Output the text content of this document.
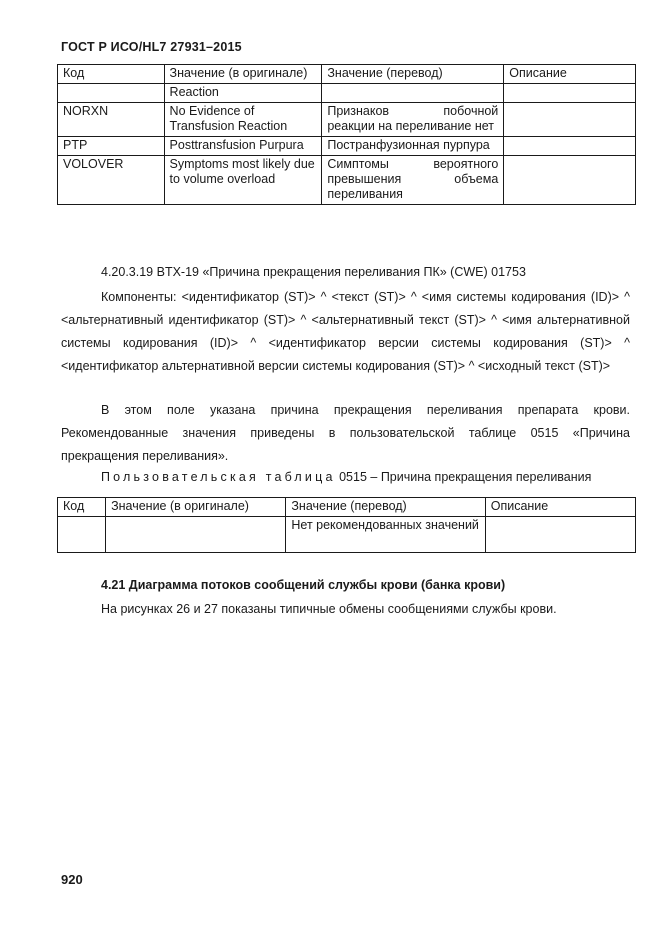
ГОСТ Р ИСО/HL7 27931–2015
Код	Значение (в оригинале)	Значение (перевод)	Описание
	Reaction		
NORXN	No Evidence of Transfusion Reaction	Признаков побочной реакции на переливание нет	
PTP	Posttransfusion Purpura	Постранфузионная пурпура	
VOLOVER	Symptoms most likely due to volume overload	Симптомы вероятного превышения объема переливания	

4.20.3.19 BTX-19 «Причина прекращения переливания ПК» (CWE) 01753

Компоненты: <идентификатор (ST)> ^ <текст (ST)> ^ <имя системы кодирования (ID)> ^ <альтернативный идентификатор (ST)> ^ <альтернативный текст (ST)> ^ <имя альтернативной системы кодирования (ID)> ^ <идентификатор версии системы кодирования (ST)> ^ <идентификатор альтернативной версии системы кодирования (ST)> ^ <исходный текст (ST)>

В этом поле указана причина прекращения переливания препарата крови. Рекомендованные значения приведены в пользовательской таблице 0515 «Причина прекращения переливания».

Пользовательская таблица 0515 – Причина прекращения переливания
Код	Значение (в оригинале)	Значение (перевод)	Описание
		Нет рекомендованных значений	
4.21 Диаграмма потоков сообщений службы крови (банка крови)

На рисунках 26 и 27 показаны типичные обмены сообщениями службы крови.

920
